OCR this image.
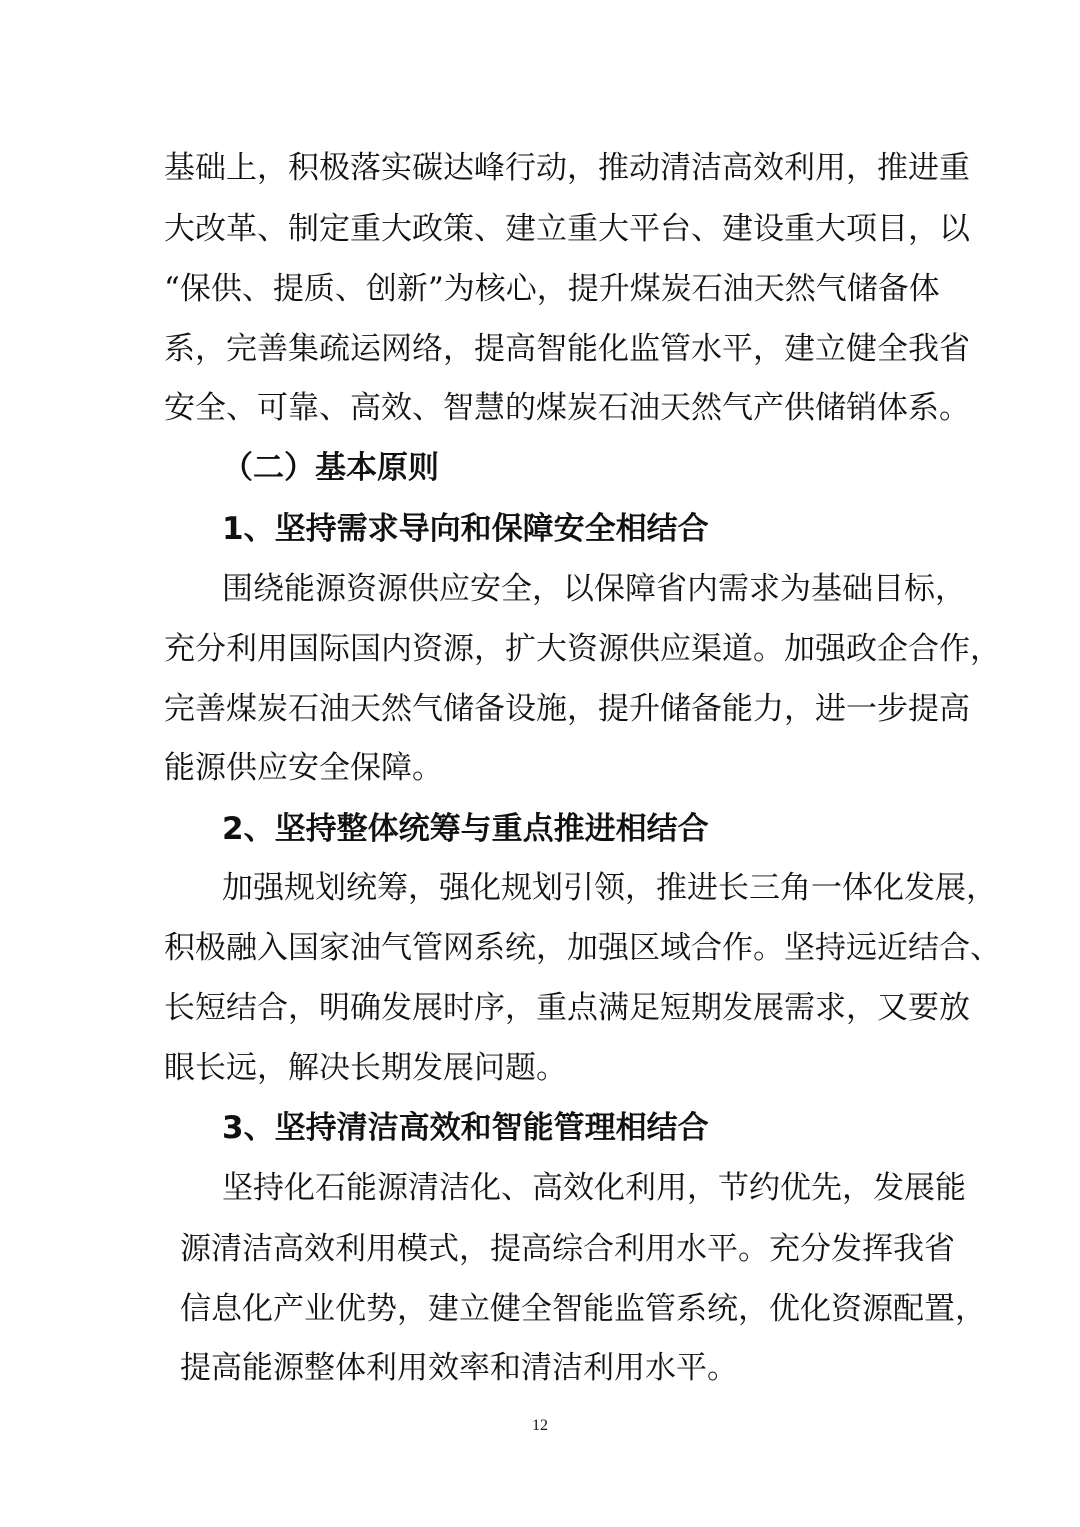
基础上，积极落实碳达峰行动，推动清洁高效利用，推进重
大改革、制定重大政策、建立重大平台、建设重大项目，以
“保供、提质、创新”为核心，提升煤炭石油天然气储备体
系，完善集疏运网络，提高智能化监管水平，建立健全我省
安全、可靠、高效、智慧的煤炭石油天然气产供储销体系。
（二）基本原则
1、坚持需求导向和保障安全相结合
围绕能源资源供应安全，以保障省内需求为基础目标，
充分利用国际国内资源，扩大资源供应渠道。加强政企合作，
完善煤炭石油天然气储备设施，提升储备能力，进一步提高
能源供应安全保障。
2、坚持整体统筹与重点推进相结合
加强规划统筹，强化规划引领，推进长三角一体化发展，
积极融入国家油气管网系统，加强区域合作。坚持远近结合、
长短结合，明确发展时序，重点满足短期发展需求，又要放
眼长远，解决长期发展问题。
3、坚持清洁高效和智能管理相结合
坚持化石能源清洁化、高效化利用，节约优先，发展能
源清洁高效利用模式，提高综合利用水平。充分发挥我省
信息化产业优势，建立健全智能监管系统，优化资源配置，
提高能源整体利用效率和清洁利用水平。
12
